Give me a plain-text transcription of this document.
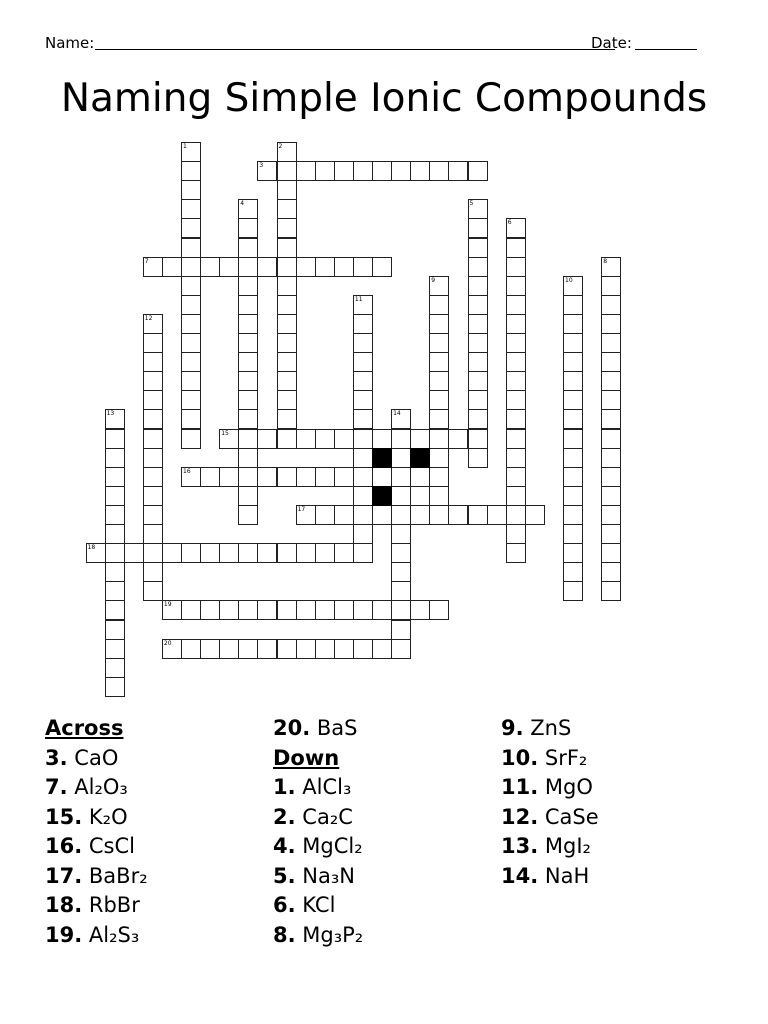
Name:	Date:
Naming Simple Ionic Compounds
1	2
4	5
6
8
9	10
11
12
13	14
3
7
15
16
17
18
19
20
Across
3. CaO
7. Al₂O₃
15. K₂O
16. CsCl
17. BaBr₂
18. RbBr
19. Al₂S₃
20. BaS
Down
1. AlCl₃
2. Ca₂C
4. MgCl₂
5. Na₃N
6. KCl
8. Mg₃P₂
9. ZnS
10. SrF₂
11. MgO
12. CaSe
13. MgI₂
14. NaH
